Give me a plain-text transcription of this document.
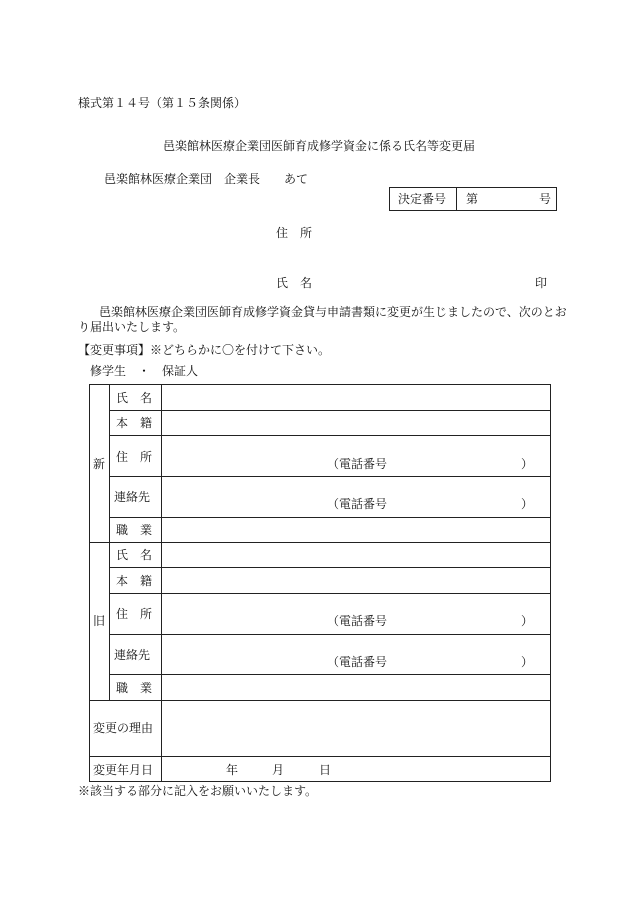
様式第１４号（第１５条関係）
邑楽館林医療企業団医師育成修学資金に係る氏名等変更届
邑楽館林医療企業団　企業長　　あて
決定番号 第	号
住　所
氏　名	印
邑楽館林医療企業団医師育成修学資金貸与申請書類に変更が生じましたので、次のとお
り届出いたします。
【変更事項】※どちらかに〇を付けて下さい。
修学生　・　保証人
新
氏　名
本　籍
住　所	（電話番号	）
連絡先	（電話番号	）
職　業
旧
氏　名
本　籍
住　所	（電話番号	）
連絡先	（電話番号	）
職　業
変更の理由
変更年月日	年	月	日
※該当する部分に記入をお願いいたします。
